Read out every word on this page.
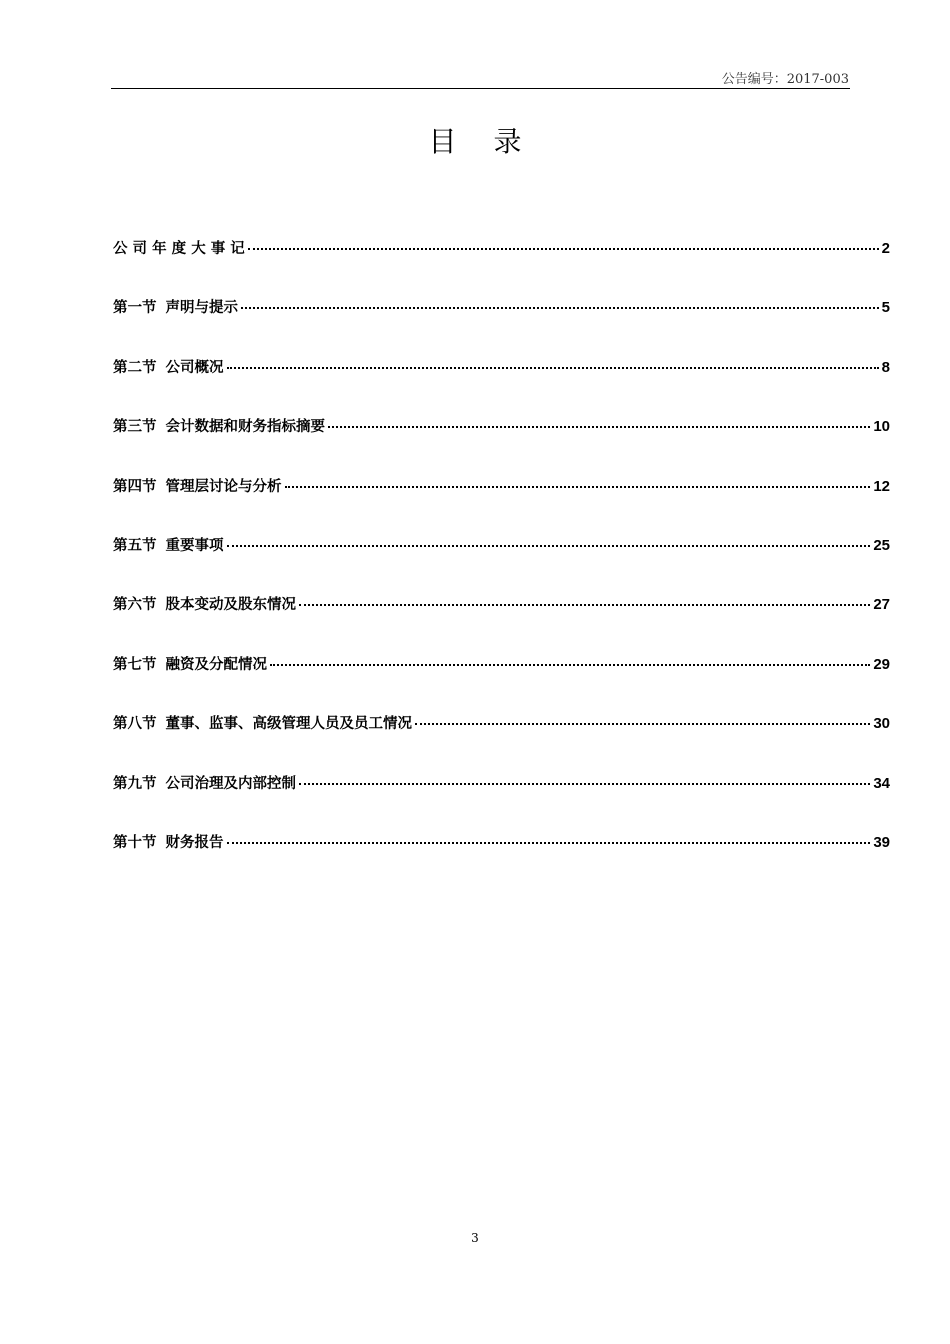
公告编号：2017-003
目 录
公 司 年 度 大 事 记	2
第一节 声明与提示	5
第二节 公司概况	8
第三节 会计数据和财务指标摘要	10
第四节 管理层讨论与分析	12
第五节 重要事项	25
第六节 股本变动及股东情况	27
第七节 融资及分配情况	29
第八节 董事、监事、高级管理人员及员工情况	30
第九节 公司治理及内部控制	34
第十节 财务报告	39
3
